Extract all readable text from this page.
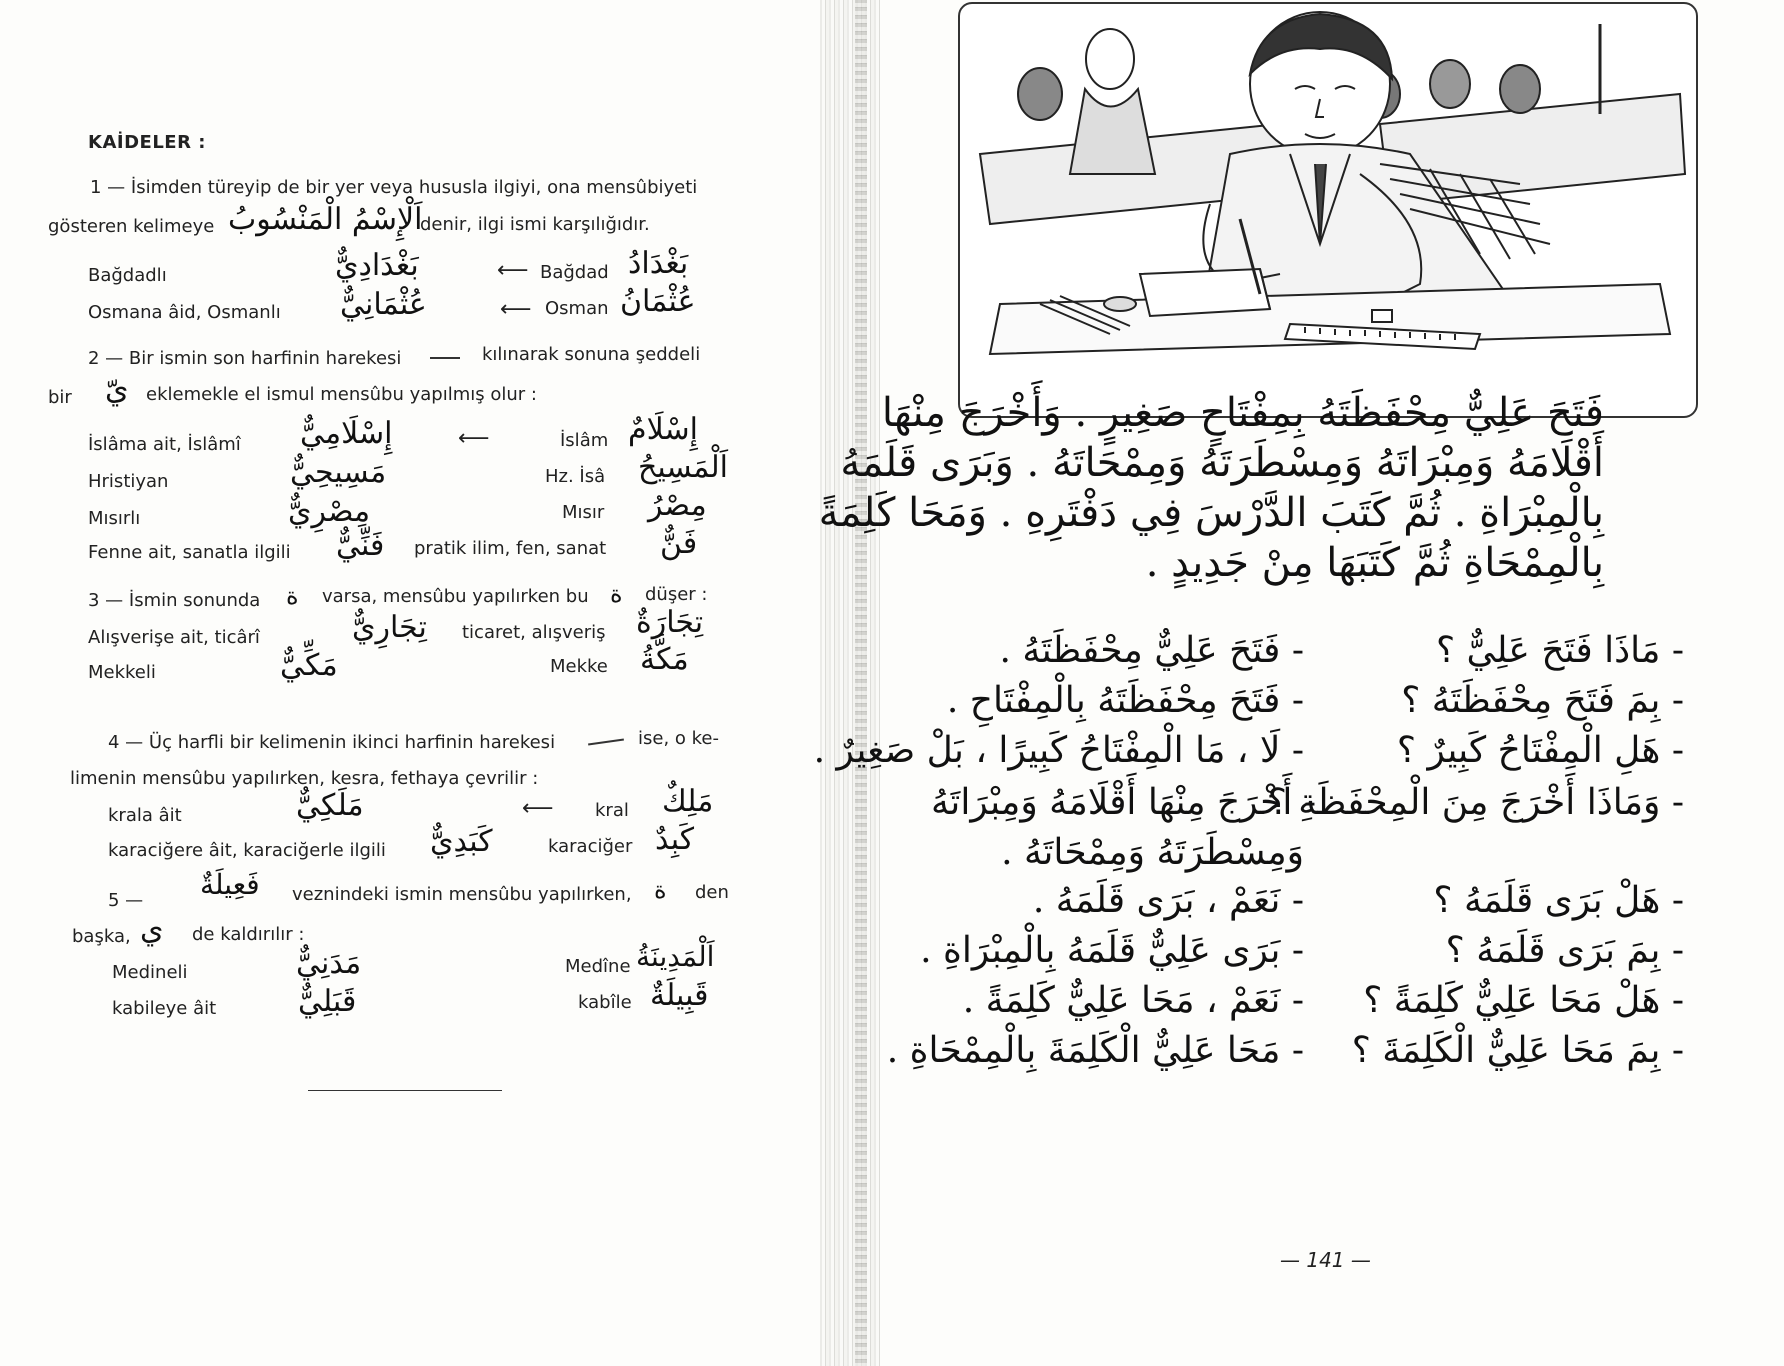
KAİDELER :
1 — İsimden türeyip de bir yer veya hususla ilgiyi, ona mensûbiyeti
gösteren kelimeye اَلْإِسْمُ الْمَنْسُوبُ
denir, ilgi ismi karşılığıdır.
Bağdadlı	بَغْدَادِيٌّ	⟵ Bağdad بَغْدَادُ
Osmana âid, Osmanlı عُثْمَانِيٌّ	⟵ Osman عُثْمَانُ
2 — Bir ismin son harfinin harekesi	kılınarak sonuna şeddeli
bir يّ eklemekle el ismul mensûbu yapılmış olur :
İslâma ait, İslâmî إِسْلَامِيٌّ	⟵	İslâm إِسْلَامٌ
Hristiyan	مَسِيحِيٌّ	Hz. İsâ اَلْمَسِيحُ
Mısırlı	مِصْرِيٌّ	Mısır مِصْرُ
Fenne ait, sanatla ilgili فَنِّيٌّ pratik ilim, fen, sanat فَنٌّ
3 — İsmin sonunda ة varsa, mensûbu yapılırken bu ة düşer :
Alışverişe ait, ticârî	تِجَارِيٌّ ticaret, alışveriş تِجَارَةٌ
Mekkeli	مَكِّيٌّ	Mekke مَكَّةُ
4 — Üç harfli bir kelimenin ikinci harfinin harekesi	ise, o ke-
limenin mensûbu yapılırken, kesra, fethaya çevrilir :
krala âit	مَلَكِيٌّ	⟵ kral مَلِكٌ
karaciğere âit, karaciğerle ilgili كَبَدِيٌّ	karaciğer كَبِدٌ
5 — فَعِيلَةٌ veznindeki ismin mensûbu yapılırken, ة den
başka, ي de kaldırılır :
Medineli	مَدَنِيٌّ	Medîne اَلْمَدِينَةُ
kabileye âit	قَبَلِيٌّ	kabîle قَبِيلَةٌ
فَتَحَ عَلِيٌّ مِحْفَظَتَهُ بِمِفْتَاحٍ صَغِيرٍ . وَأَخْرَجَ مِنْهَا
أَقْلَامَهُ وَمِبْرَاتَهُ وَمِسْطَرَتَهُ وَمِمْحَاتَهُ . وَبَرَى قَلَمَهُ
بِالْمِبْرَاةِ . ثُمَّ كَتَبَ الدَّرْسَ فِي دَفْتَرِهِ . وَمَحَا كَلِمَةً
بِالْمِمْحَاةِ ثُمَّ كَتَبَهَا مِنْ جَدِيدٍ .
- مَاذَا فَتَحَ عَلِيٌّ ؟
- فَتَحَ عَلِيٌّ مِحْفَظَتَهُ .
- بِمَ فَتَحَ مِحْفَظَتَهُ ؟
- فَتَحَ مِحْفَظَتَهُ بِالْمِفْتَاحِ .
- هَلِ الْمِفْتَاحُ كَبِيرٌ ؟
- لَا ، مَا الْمِفْتَاحُ كَبِيرًا ، بَلْ صَغِيرٌ .
- وَمَاذَا أَخْرَجَ مِنَ الْمِحْفَظَةِ ؟
- أَخْرَجَ مِنْهَا أَقْلَامَهُ وَمِبْرَاتَهُ
وَمِسْطَرَتَهُ وَمِمْحَاتَهُ .
- هَلْ بَرَى قَلَمَهُ ؟
- نَعَمْ ، بَرَى قَلَمَهُ .
- بِمَ بَرَى قَلَمَهُ ؟
- بَرَى عَلِيٌّ قَلَمَهُ بِالْمِبْرَاةِ .
- هَلْ مَحَا عَلِيٌّ كَلِمَةً ؟
- نَعَمْ ، مَحَا عَلِيٌّ كَلِمَةً .
- بِمَ مَحَا عَلِيٌّ الْكَلِمَةَ ؟
- مَحَا عَلِيٌّ الْكَلِمَةَ بِالْمِمْحَاةِ .
— 141 —
